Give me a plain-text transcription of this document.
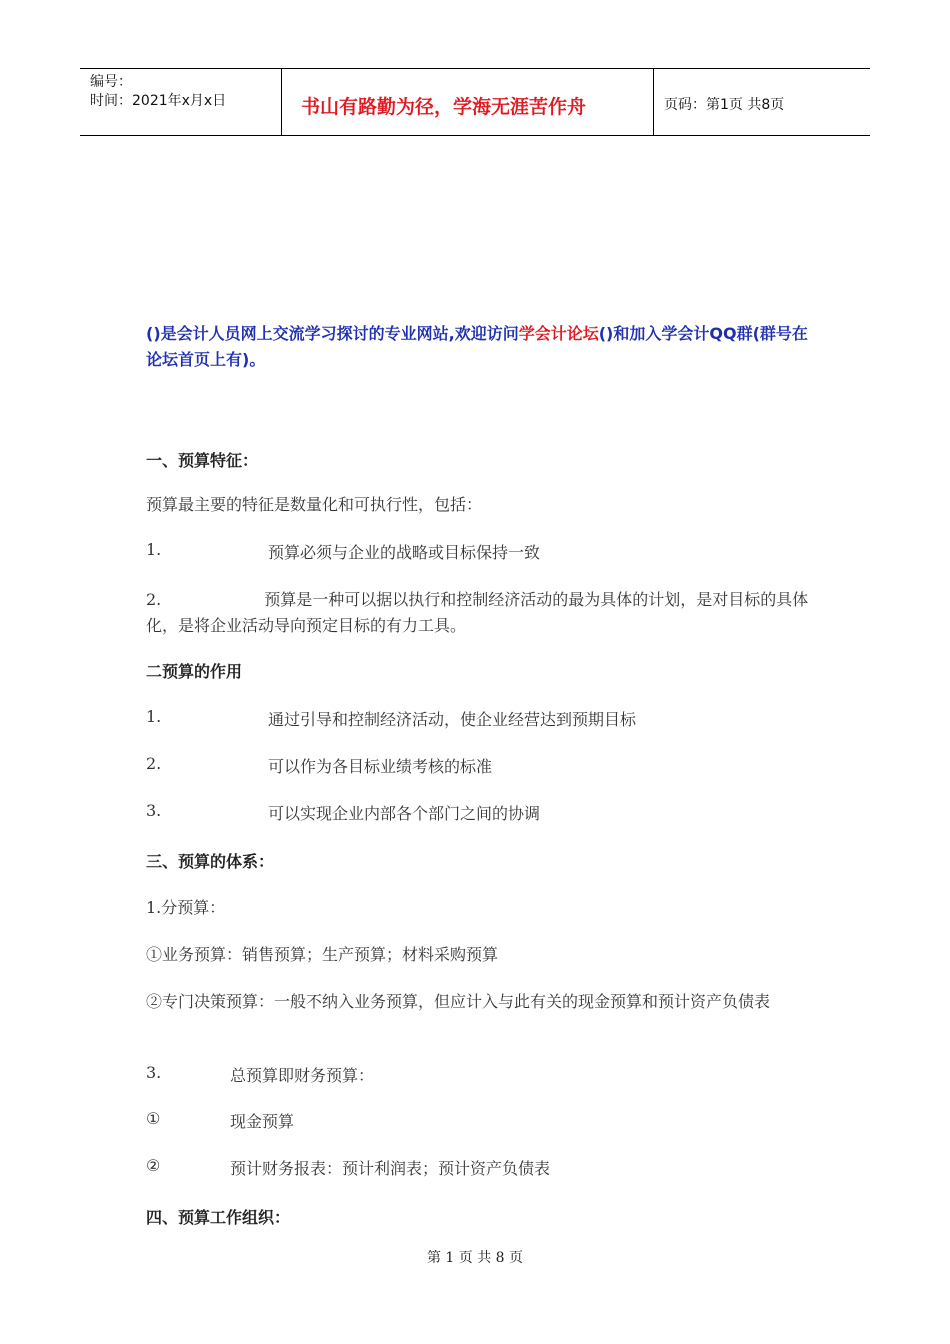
编号：
时间：2021年x月x日	书山有路勤为径，学海无涯苦作舟	页码：第1页 共8页
()是会计人员网上交流学习探讨的专业网站,欢迎访问学会计论坛()和加入学会计QQ群(群号在论坛首页上有)。
一、预算特征：
预算最主要的特征是数量化和可执行性，包括：
1.	预算必须与企业的战略或目标保持一致
2.	预算是一种可以据以执行和控制经济活动的最为具体的计划，是对目标的具体化，是将企业活动导向预定目标的有力工具。
二预算的作用
1.	通过引导和控制经济活动，使企业经营达到预期目标
2.	可以作为各目标业绩考核的标准
3.	可以实现企业内部各个部门之间的协调
三、预算的体系：
1.分预算：
①业务预算：销售预算；生产预算；材料采购预算
②专门决策预算：一般不纳入业务预算，但应计入与此有关的现金预算和预计资产负债表
3.	总预算即财务预算：
①	现金预算
②	预计财务报表：预计利润表；预计资产负债表
四、预算工作组织：
第 1 页 共 8 页
